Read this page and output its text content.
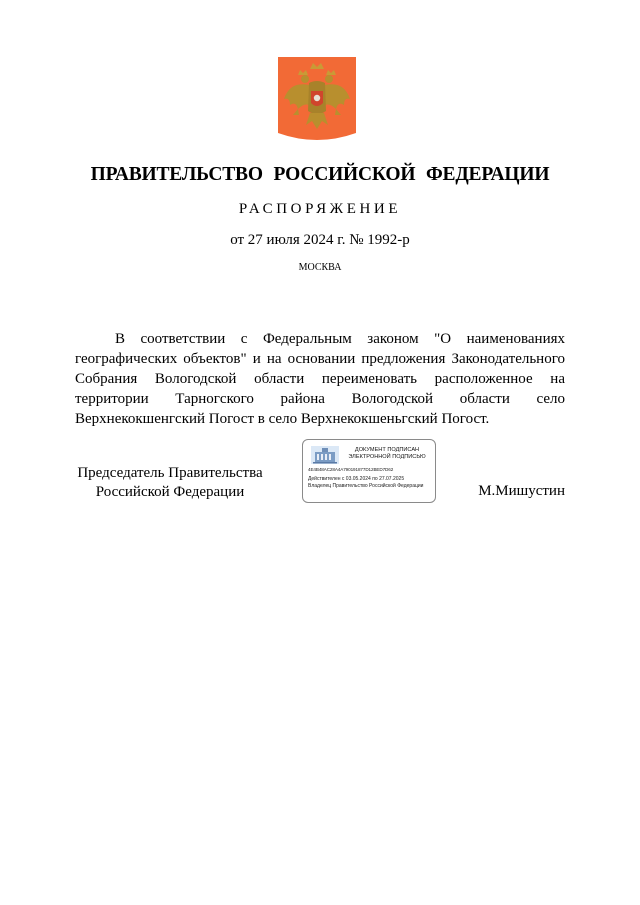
ПРАВИТЕЛЬСТВО РОССИЙСКОЙ ФЕДЕРАЦИИ
РАСПОРЯЖЕНИЕ
от 27 июля 2024 г. № 1992-р
МОСКВА

В соответствии с Федеральным законом "О наименованиях географических объектов" и на основании предложения Законодательного Собрания Вологодской области переименовать расположенное на территории Тарногского района Вологодской области село Верхнекокшенгский Погост в село Верхнекокшеньгский Погост.

Председатель Правительства Российской Федерации
ДОКУМЕНТ ПОДПИСАН ЭЛЕКТРОННОЙ ПОДПИСЬЮ
4E4B48AC28A4A790191877D12BED7D62
Действителен с 03.05.2024 по 27.07.2025
Владелец Правительство Российской Федерации	М.Мишустин
